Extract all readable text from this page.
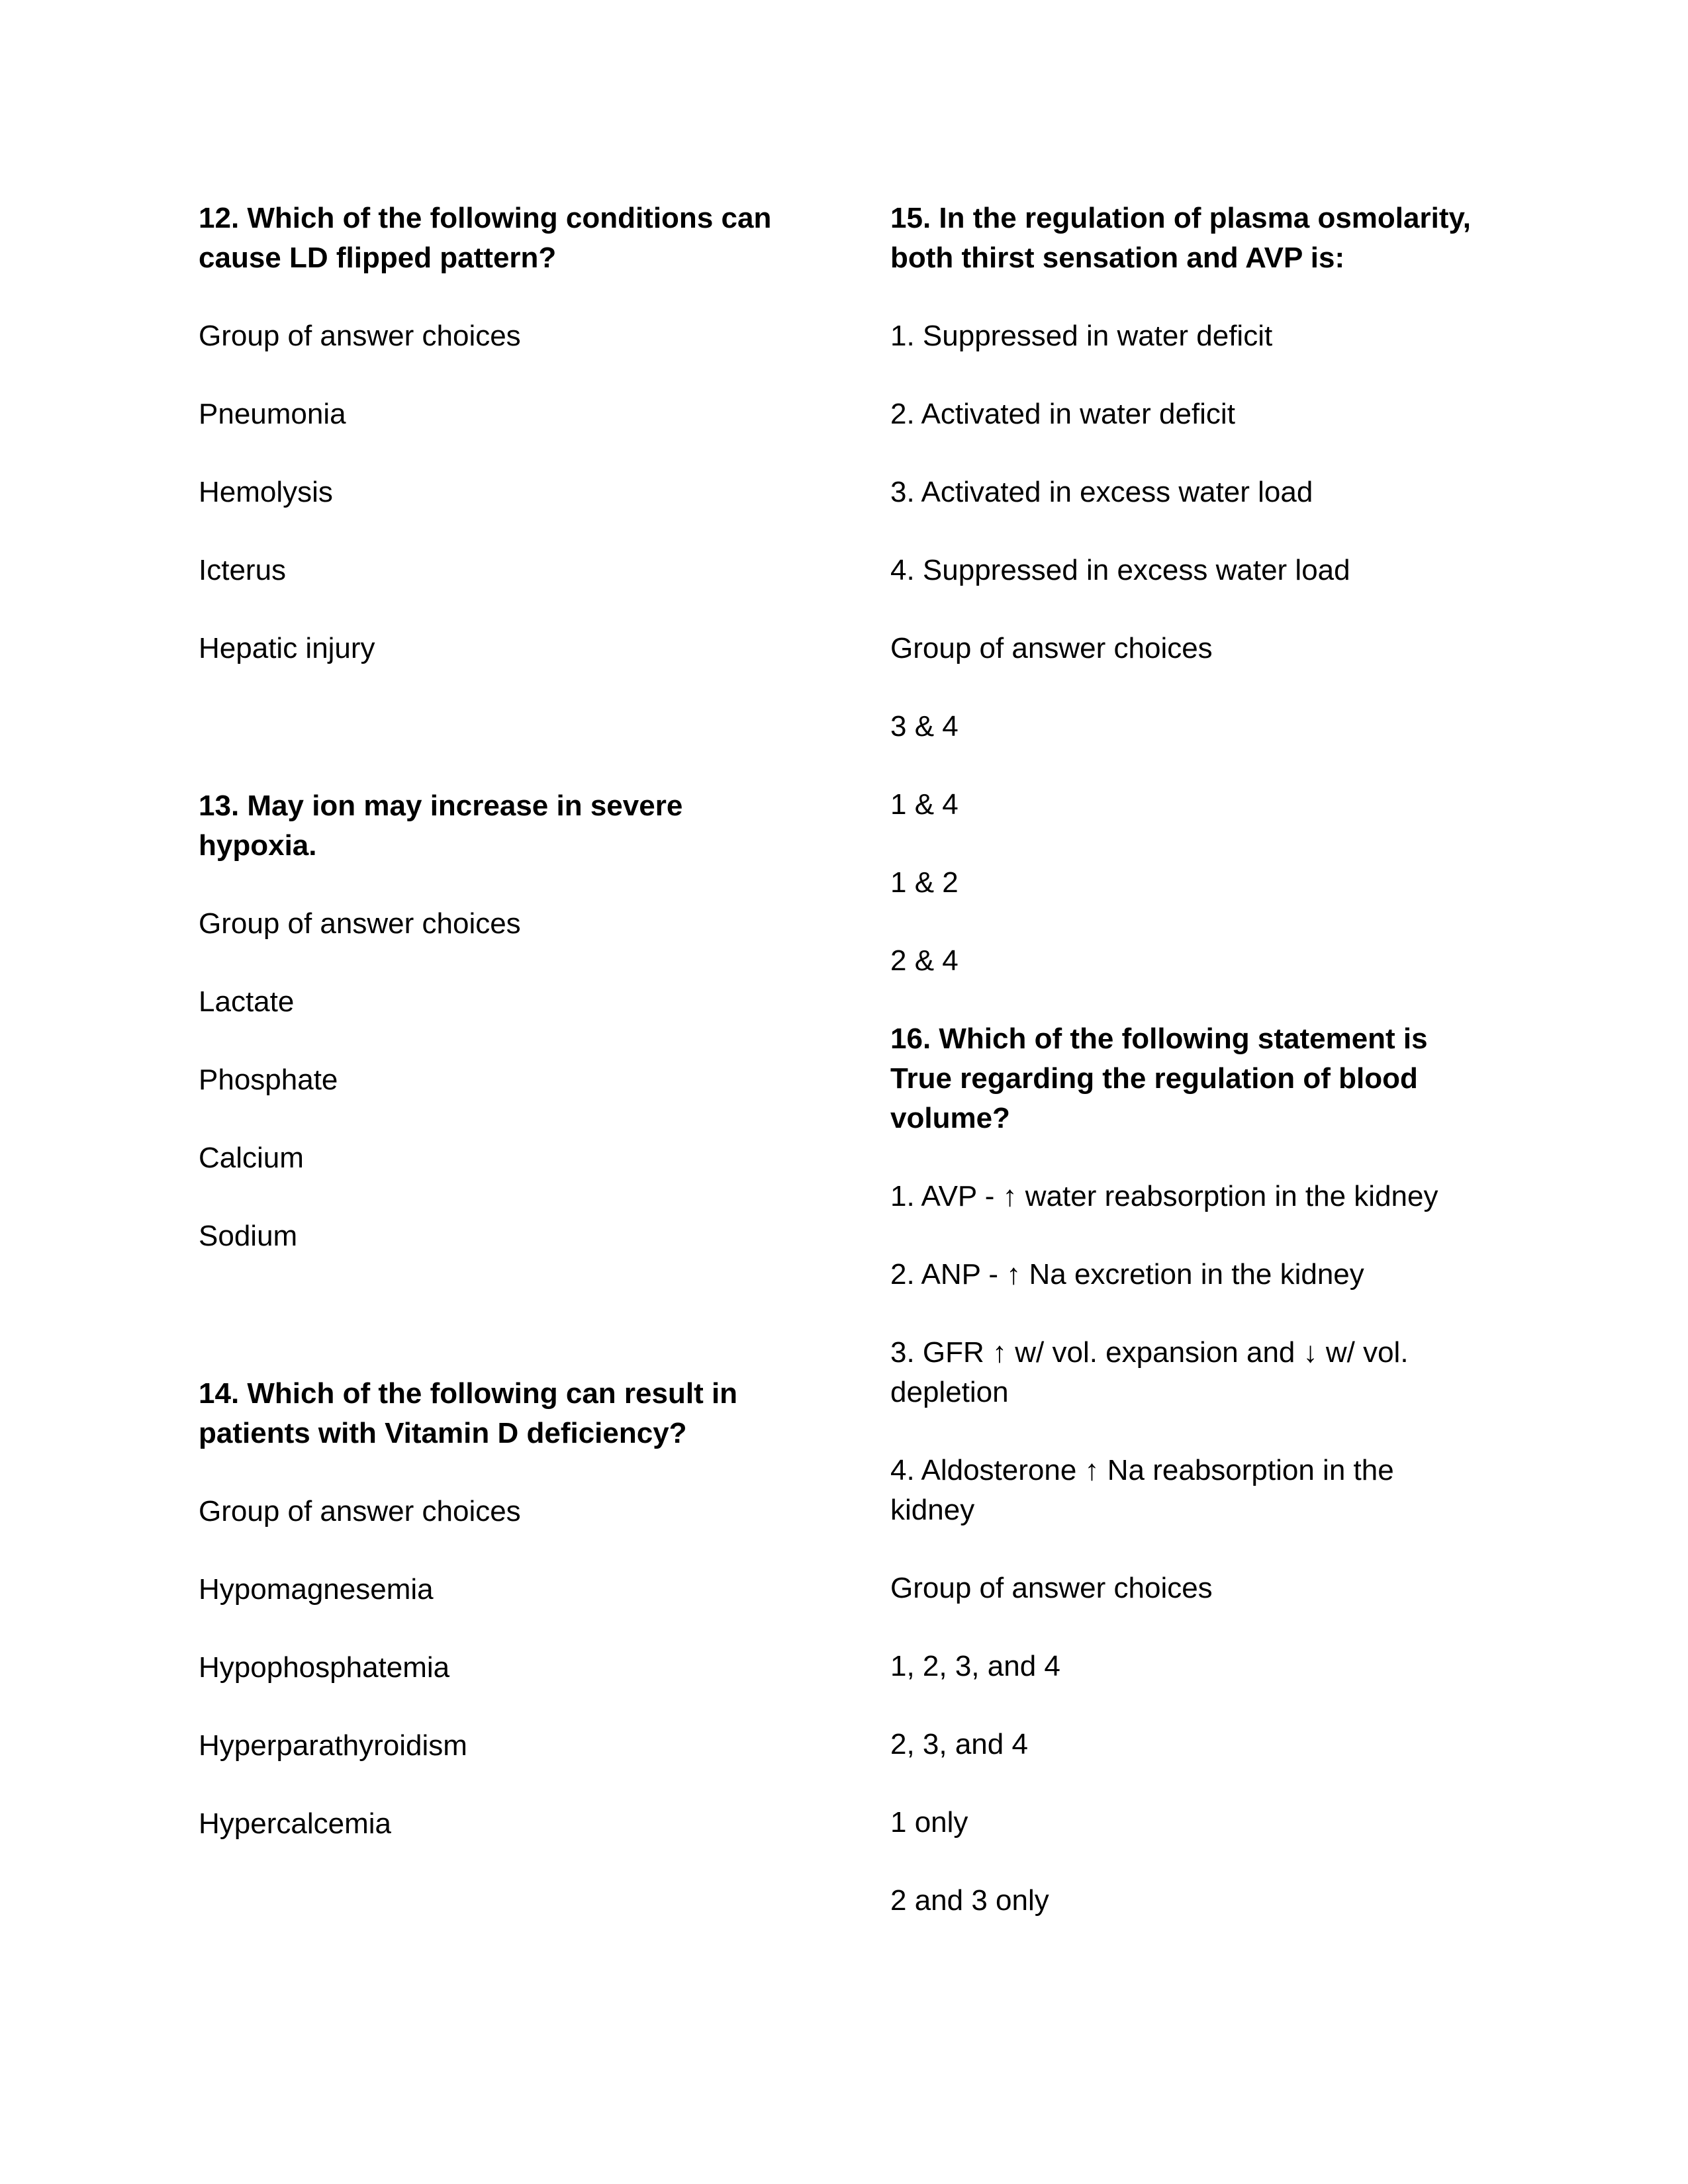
12. Which of the following conditions can

cause LD flipped pattern?

Group of answer choices

Pneumonia

Hemolysis

Icterus

Hepatic injury

13. May ion may increase in severe

hypoxia.

Group of answer choices

Lactate

Phosphate

Calcium

Sodium

14. Which of the following can result in

patients with Vitamin D deficiency?

Group of answer choices

Hypomagnesemia

Hypophosphatemia

Hyperparathyroidism

Hypercalcemia

15. In the regulation of plasma osmolarity,

both thirst sensation and AVP is:

1. Suppressed in water deficit

2. Activated in water deficit

3. Activated in excess water load

4. Suppressed in excess water load

Group of answer choices

3 & 4

1 & 4

1 & 2

2 & 4

16. Which of the following statement is

True regarding the regulation of blood

volume?

1. AVP - ↑ water reabsorption in the kidney

2. ANP - ↑ Na excretion in the kidney

3. GFR ↑ w/ vol. expansion and ↓ w/ vol.

depletion

4. Aldosterone ↑ Na reabsorption in the

kidney

Group of answer choices

1, 2, 3, and 4

2, 3, and 4

1 only

2 and 3 only
